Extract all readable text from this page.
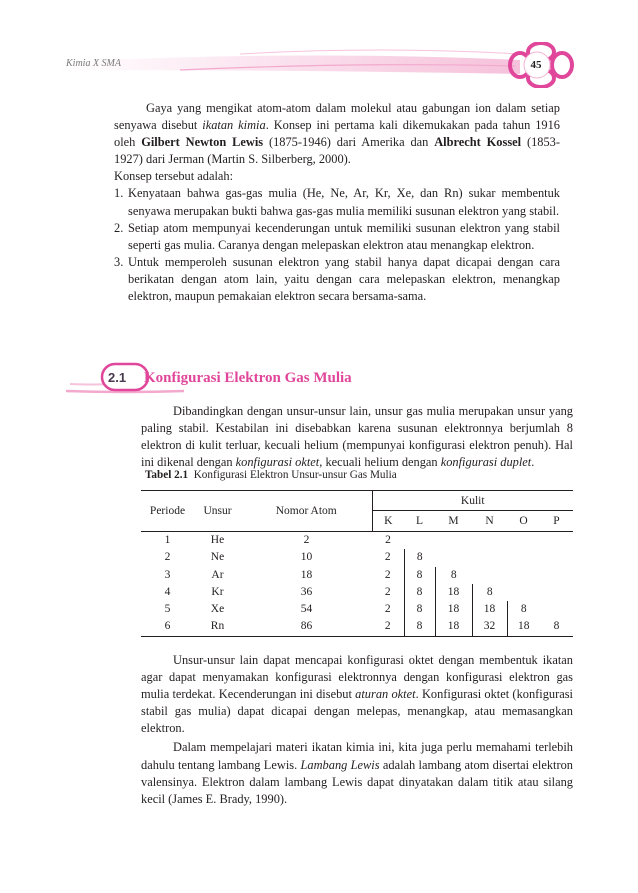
Kimia X SMA	45

Gaya yang mengikat atom-atom dalam molekul atau gabungan ion dalam setiap senyawa disebut ikatan kimia. Konsep ini pertama kali dikemukakan pada tahun 1916 oleh Gilbert Newton Lewis (1875-1946) dari Amerika dan Albrecht Kossel (1853-1927) dari Jerman (Martin S. Silberberg, 2000).

Konsep tersebut adalah:

1. Kenyataan bahwa gas-gas mulia (He, Ne, Ar, Kr, Xe, dan Rn) sukar membentuk senyawa merupakan bukti bahwa gas-gas mulia memiliki susunan elektron yang stabil.
2. Setiap atom mempunyai kecenderungan untuk memiliki susunan elektron yang stabil seperti gas mulia. Caranya dengan melepaskan elektron atau menangkap elektron.
3. Untuk memperoleh susunan elektron yang stabil hanya dapat dicapai dengan cara berikatan dengan atom lain, yaitu dengan cara melepaskan elektron, menangkap elektron, maupun pemakaian elektron secara bersama-sama.
2.1	Konfigurasi Elektron Gas Mulia

Dibandingkan dengan unsur-unsur lain, unsur gas mulia merupakan unsur yang paling stabil. Kestabilan ini disebabkan karena susunan elektronnya berjumlah 8 elektron di kulit terluar, kecuali helium (mempunyai konfigurasi elektron penuh). Hal ini dikenal dengan konfigurasi oktet, kecuali helium dengan konfigurasi duplet.

Tabel 2.1 Konfigurasi Elektron Unsur-unsur Gas Mulia
Periode	Unsur	Nomor Atom	Kulit					
			K	L	M	N	O	P
1	He	2	2					
2	Ne	10	2	8				
3	Ar	18	2	8	8			
4	Kr	36	2	8	18	8		
5	Xe	54	2	8	18	18	8	
6	Rn	86	2	8	18	32	18	8

Unsur-unsur lain dapat mencapai konfigurasi oktet dengan membentuk ikatan agar dapat menyamakan konfigurasi elektronnya dengan konfigurasi elektron gas mulia terdekat. Kecenderungan ini disebut aturan oktet. Konfigurasi oktet (konfigurasi stabil gas mulia) dapat dicapai dengan melepas, menangkap, atau memasangkan elektron.

Dalam mempelajari materi ikatan kimia ini, kita juga perlu memahami terlebih dahulu tentang lambang Lewis. Lambang Lewis adalah lambang atom disertai elektron valensinya. Elektron dalam lambang Lewis dapat dinyatakan dalam titik atau silang kecil (James E. Brady, 1990).
